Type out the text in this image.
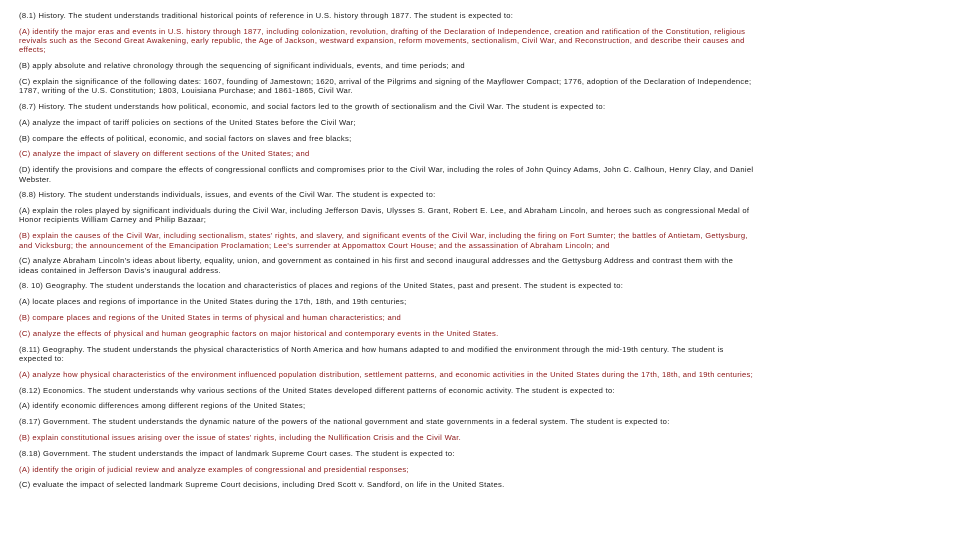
(8.1) History. The student understands traditional historical points of reference in U.S. history through 1877. The student is expected to:

(A) identify the major eras and events in U.S. history through 1877, including colonization, revolution, drafting of the Declaration of Independence, creation and ratification of the Constitution, religious revivals such as the Second Great Awakening, early republic, the Age of Jackson, westward expansion, reform movements, sectionalism, Civil War, and Reconstruction, and describe their causes and effects;

(B) apply absolute and relative chronology through the sequencing of significant individuals, events, and time periods; and

(C) explain the significance of the following dates: 1607, founding of Jamestown; 1620, arrival of the Pilgrims and signing of the Mayflower Compact; 1776, adoption of the Declaration of Independence; 1787, writing of the U.S. Constitution; 1803, Louisiana Purchase; and 1861-1865, Civil War.

(8.7) History. The student understands how political, economic, and social factors led to the growth of sectionalism and the Civil War. The student is expected to:

(A) analyze the impact of tariff policies on sections of the United States before the Civil War;

(B) compare the effects of political, economic, and social factors on slaves and free blacks;

(C) analyze the impact of slavery on different sections of the United States; and

(D) identify the provisions and compare the effects of congressional conflicts and compromises prior to the Civil War, including the roles of John Quincy Adams, John C. Calhoun, Henry Clay, and Daniel Webster.

(8.8) History. The student understands individuals, issues, and events of the Civil War. The student is expected to:

(A) explain the roles played by significant individuals during the Civil War, including Jefferson Davis, Ulysses S. Grant, Robert E. Lee, and Abraham Lincoln, and heroes such as congressional Medal of Honor recipients William Carney and Philip Bazaar;

(B) explain the causes of the Civil War, including sectionalism, states' rights, and slavery, and significant events of the Civil War, including the firing on Fort Sumter; the battles of Antietam, Gettysburg, and Vicksburg; the announcement of the Emancipation Proclamation; Lee's surrender at Appomattox Court House; and the assassination of Abraham Lincoln; and

(C) analyze Abraham Lincoln's ideas about liberty, equality, union, and government as contained in his first and second inaugural addresses and the Gettysburg Address and contrast them with the ideas contained in Jefferson Davis's inaugural address.

(8. 10) Geography. The student understands the location and characteristics of places and regions of the United States, past and present. The student is expected to:

(A) locate places and regions of importance in the United States during the 17th, 18th, and 19th centuries;

(B) compare places and regions of the United States in terms of physical and human characteristics; and

(C) analyze the effects of physical and human geographic factors on major historical and contemporary events in the United States.

(8.11) Geography. The student understands the physical characteristics of North America and how humans adapted to and modified the environment through the mid-19th century. The student is expected to:

(A) analyze how physical characteristics of the environment influenced population distribution, settlement patterns, and economic activities in the United States during the 17th, 18th, and 19th centuries;

(8.12) Economics. The student understands why various sections of the United States developed different patterns of economic activity. The student is expected to:

(A) identify economic differences among different regions of the United States;

(8.17) Government. The student understands the dynamic nature of the powers of the national government and state governments in a federal system. The student is expected to:

(B) explain constitutional issues arising over the issue of states' rights, including the Nullification Crisis and the Civil War.

(8.18) Government. The student understands the impact of landmark Supreme Court cases. The student is expected to:

(A) identify the origin of judicial review and analyze examples of congressional and presidential responses;

(C) evaluate the impact of selected landmark Supreme Court decisions, including Dred Scott v. Sandford, on life in the United States.
